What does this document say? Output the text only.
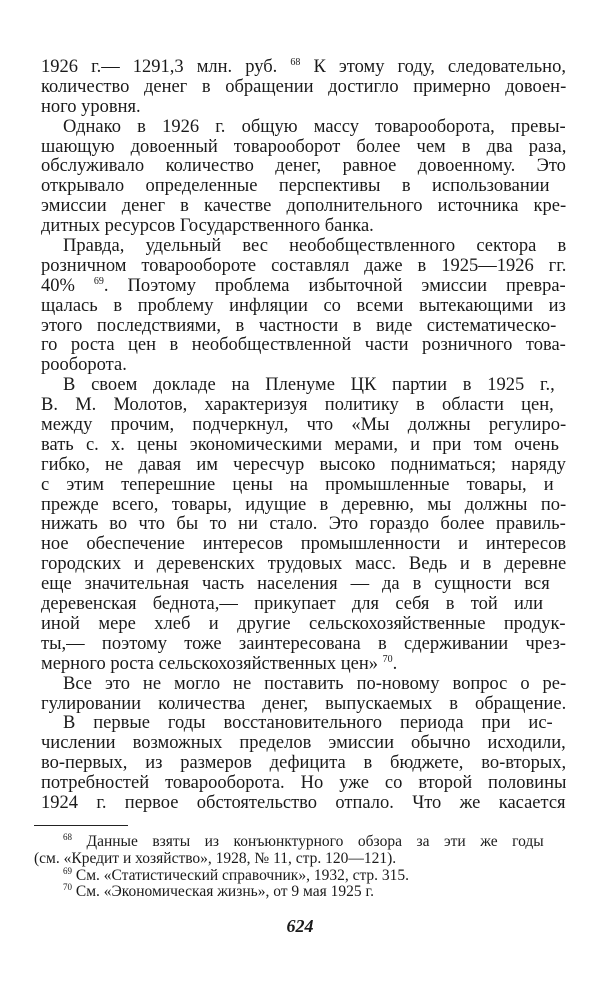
1926 г.— 1291,3 млн. руб. $^{68}$ К этому году, следовательно,
количество денег в обращении достигло примерно довоен-
ного уровня.
Однако в 1926 г. общую массу товарооборота, превы-
шающую довоенный товарооборот более чем в два раза,
обслуживало количество денег, равное довоенному. Это
открывало определенные перспективы в использовании
эмиссии денег в качестве дополнительного источника кре-
дитных ресурсов Государственного банка.
Правда, удельный вес необобществленного сектора в
розничном товарообороте составлял даже в 1925—1926 гг.
40% $^{69}$. Поэтому проблема избыточной эмиссии превра-
щалась в проблему инфляции со всеми вытекающими из
этого последствиями, в частности в виде систематическо-
го роста цен в необобществленной части розничного това-
рооборота.
В своем докладе на Пленуме ЦК партии в 1925 г.,
В. М. Молотов, характеризуя политику в области цен,
между прочим, подчеркнул, что «Мы должны регулиро-
вать с. х. цены экономическими мерами, и при том очень
гибко, не давая им чересчур высоко подниматься; наряду
с этим теперешние цены на промышленные товары, и
прежде всего, товары, идущие в деревню, мы должны по-
нижать во что бы то ни стало. Это гораздо более правиль-
ное обеспечение интересов промышленности и интересов
городских и деревенских трудовых масс. Ведь и в деревне
еще значительная часть населения — да в сущности вся
деревенская беднота,— прикупает для себя в той или
иной мере хлеб и другие сельскохозяйственные продук-
ты,— поэтому тоже заинтересована в сдерживании чрез-
мерного роста сельскохозяйственных цен» $^{70}$.
Все это не могло не поставить по-новому вопрос о ре-
гулировании количества денег, выпускаемых в обращение.
В первые годы восстановительного периода при ис-
числении возможных пределов эмиссии обычно исходили,
во-первых, из размеров дефицита в бюджете, во-вторых,
потребностей товарооборота. Но уже со второй половины
1924 г. первое обстоятельство отпало. Что же касается
$^{68}$ Данные взяты из конъюнктурного обзора за эти же годы
(см. «Кредит и хозяйство», 1928, № 11, стр. 120—121).
$^{69}$ См. «Статистический справочник», 1932, стр. 315.
$^{70}$ См. «Экономическая жизнь», от 9 мая 1925 г.
624
